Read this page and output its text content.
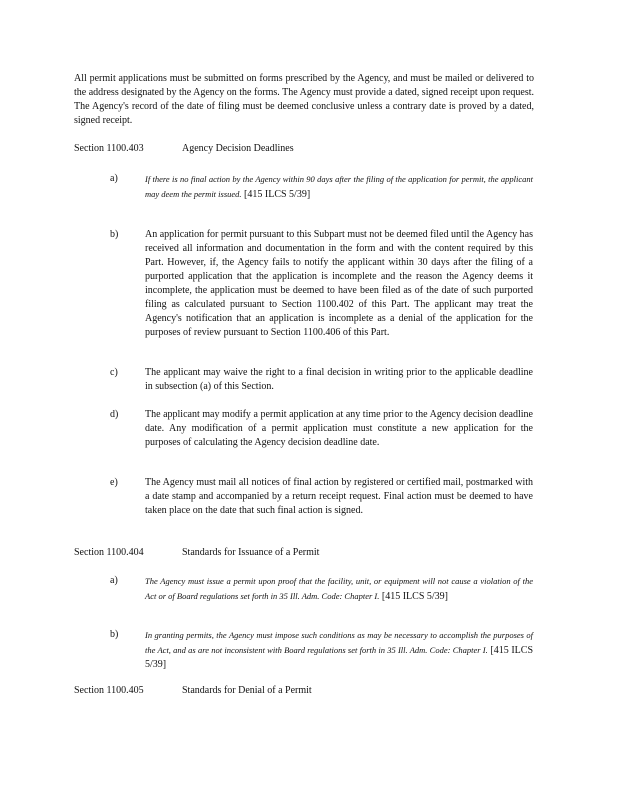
All permit applications must be submitted on forms prescribed by the Agency, and must be mailed or delivered to the address designated by the Agency on the forms. The Agency must provide a dated, signed receipt upon request. The Agency's record of the date of filing must be deemed conclusive unless a contrary date is proved by a dated, signed receipt.
Section 1100.403	Agency Decision Deadlines
a)	If there is no final action by the Agency within 90 days after the filing of the application for permit, the applicant may deem the permit issued. [415 ILCS 5/39]
b)	An application for permit pursuant to this Subpart must not be deemed filed until the Agency has received all information and documentation in the form and with the content required by this Part. However, if, the Agency fails to notify the applicant within 30 days after the filing of a purported application that the application is incomplete and the reason the Agency deems it incomplete, the application must be deemed to have been filed as of the date of such purported filing as calculated pursuant to Section 1100.402 of this Part. The applicant may treat the Agency's notification that an application is incomplete as a denial of the application for the purposes of review pursuant to Section 1100.406 of this Part.
c)	The applicant may waive the right to a final decision in writing prior to the applicable deadline in subsection (a) of this Section.
d)	The applicant may modify a permit application at any time prior to the Agency decision deadline date. Any modification of a permit application must constitute a new application for the purposes of calculating the Agency decision deadline date.
e)	The Agency must mail all notices of final action by registered or certified mail, postmarked with a date stamp and accompanied by a return receipt request. Final action must be deemed to have taken place on the date that such final action is signed.
Section 1100.404	Standards for Issuance of a Permit
a)	The Agency must issue a permit upon proof that the facility, unit, or equipment will not cause a violation of the Act or of Board regulations set forth in 35 Ill. Adm. Code: Chapter I. [415 ILCS 5/39]
b)	In granting permits, the Agency must impose such conditions as may be necessary to accomplish the purposes of the Act, and as are not inconsistent with Board regulations set forth in 35 Ill. Adm. Code: Chapter I. [415 ILCS 5/39]
Section 1100.405	Standards for Denial of a Permit
